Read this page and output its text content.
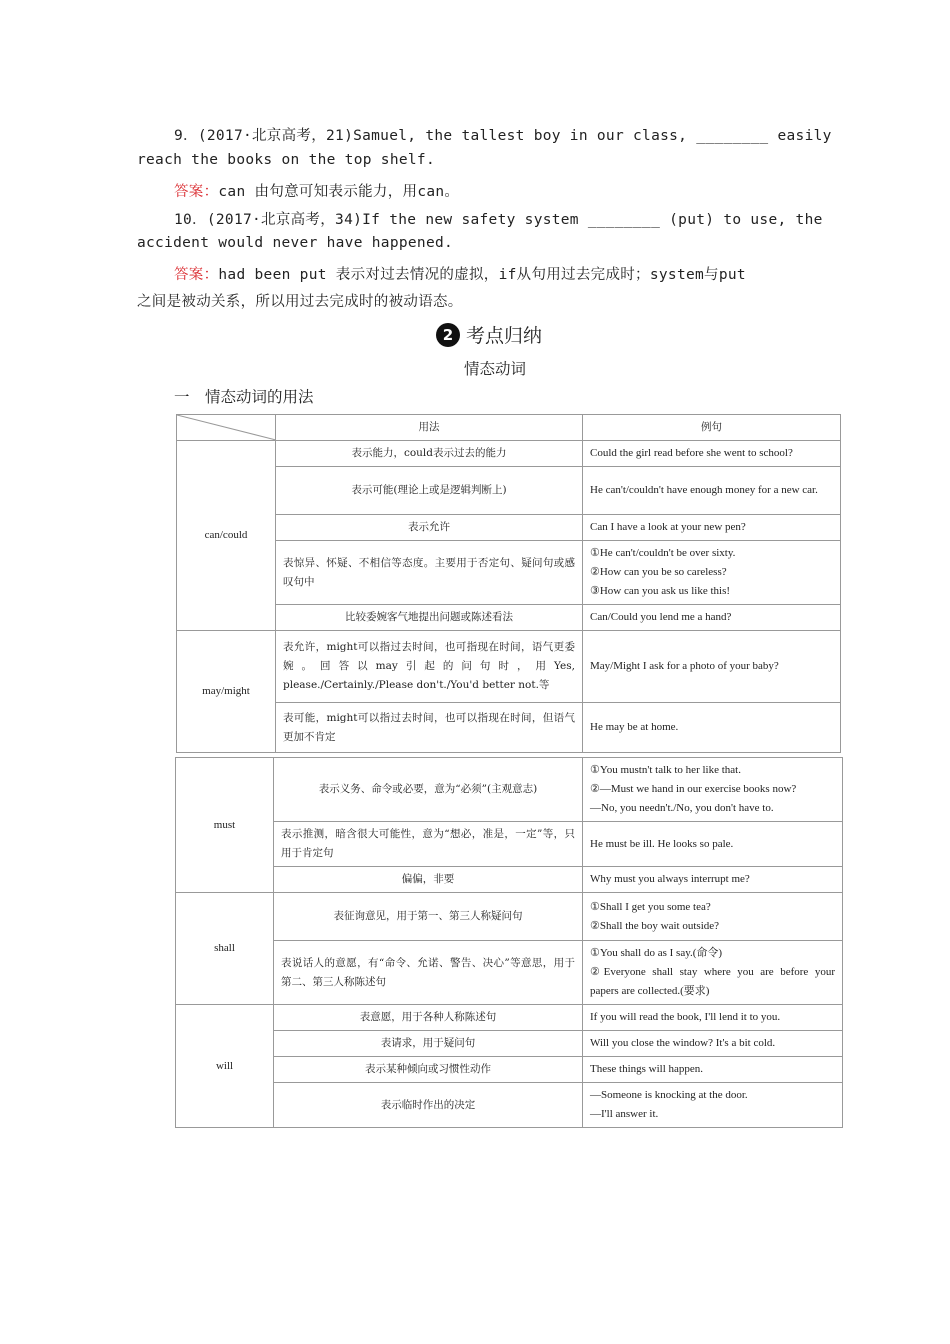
9．(2017·北京高考，21)Samuel, the tallest boy in our class, ________ easily
reach the books on the top shelf.
答案：can 由句意可知表示能力，用can。
10．(2017·北京高考，34)If the new safety system ________ (put) to use, the
accident would never have happened.
答案：had been put 表示对过去情况的虚拟，if从句用过去完成时；system与put
之间是被动关系，所以用过去完成时的被动语态。
2 考点归纳
情态动词
一　情态动词的用法
	用法	例句
can/could	表示能力，could表示过去的能力	Could the girl read before she went to school?
	表示可能(理论上或是逻辑判断上)	He can't/couldn't have enough money for a new car.
	表示允许	Can I have a look at your new pen?
	表惊异、怀疑、不相信等态度。主要用于否定句、疑问句或感叹句中	①He can't/couldn't be over sixty.
②How can you be so careless?
③How can you ask us like this!

	比较委婉客气地提出问题或陈述看法	Can/Could you lend me a hand?
may/might	表允许，might可以指过去时间，也可指现在时间，语气更委婉。回答以may引起的问句时，用Yes, please./Certainly./Please don't./You'd better not.等	May/Might I ask for a photo of your baby?
	表可能，might可以指过去时间，也可以指现在时间，但语气更加不肯定	He may be at home.
must	表示义务、命令或必要，意为“必须”(主观意志)	①You mustn't talk to her like that.
②—Must we hand in our exercise books now?
—No, you needn't./No, you don't have to.

	表示推测，暗含很大可能性，意为“想必，准是，一定”等，只用于肯定句	He must be ill. He looks so pale.
	偏偏，非要	Why must you always interrupt me?
shall	表征询意见，用于第一、第三人称疑问句	①Shall I get you some tea?
②Shall the boy wait outside?

	表说话人的意愿，有“命令、允诺、警告、决心”等意思，用于第二、第三人称陈述句	①You shall do as I say.(命令)
②Everyone shall stay where you are before your papers are collected.(要求)

will	表意愿，用于各种人称陈述句	If you will read the book, I'll lend it to you.
	表请求，用于疑问句	Will you close the window? It's a bit cold.
	表示某种倾向或习惯性动作	These things will happen.
	表示临时作出的决定	—Someone is knocking at the door.
—I'll answer it.
